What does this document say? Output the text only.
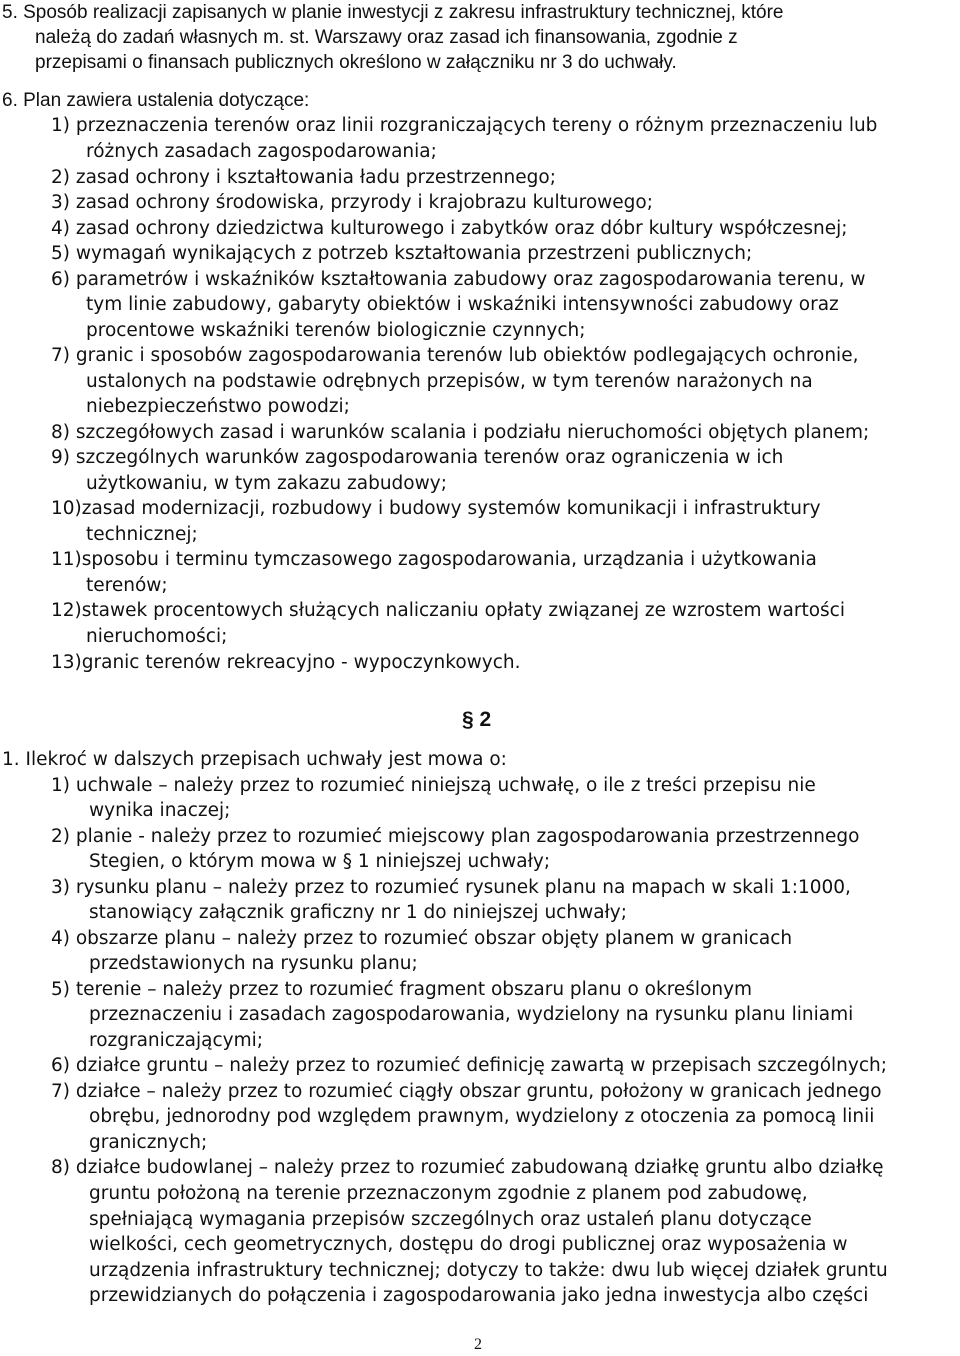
5. Sposób realizacji zapisanych w planie inwestycji z zakresu infrastruktury technicznej, które
należą do zadań własnych m. st. Warszawy oraz zasad ich finansowania, zgodnie z
przepisami o finansach publicznych określono w załączniku nr 3 do uchwały.
6. Plan zawiera ustalenia dotyczące:
1) przeznaczenia terenów oraz linii rozgraniczających tereny o różnym przeznaczeniu lub
różnych zasadach zagospodarowania;
2) zasad ochrony i kształtowania ładu przestrzennego;
3) zasad ochrony środowiska, przyrody i krajobrazu kulturowego;
4) zasad ochrony dziedzictwa kulturowego i zabytków oraz dóbr kultury współczesnej;
5) wymagań wynikających z potrzeb kształtowania przestrzeni publicznych;
6) parametrów i wskaźników kształtowania zabudowy oraz zagospodarowania terenu, w
tym linie zabudowy, gabaryty obiektów i wskaźniki intensywności zabudowy oraz
procentowe wskaźniki terenów biologicznie czynnych;
7) granic i sposobów zagospodarowania terenów lub obiektów podlegających ochronie,
ustalonych na podstawie odrębnych przepisów, w tym terenów narażonych na
niebezpieczeństwo powodzi;
8) szczegółowych zasad i warunków scalania i podziału nieruchomości objętych planem;
9) szczególnych warunków zagospodarowania terenów oraz ograniczenia w ich
użytkowaniu, w tym zakazu zabudowy;
10)zasad modernizacji, rozbudowy i budowy systemów komunikacji i infrastruktury
technicznej;
11)sposobu i terminu tymczasowego zagospodarowania, urządzania i użytkowania
terenów;
12)stawek procentowych służących naliczaniu opłaty związanej ze wzrostem wartości
nieruchomości;
13)granic terenów rekreacyjno - wypoczynkowych.
§ 2
1. Ilekroć w dalszych przepisach uchwały jest mowa o:
1) uchwale – należy przez to rozumieć niniejszą uchwałę, o ile z treści przepisu nie
wynika inaczej;
2) planie - należy przez to rozumieć miejscowy plan zagospodarowania przestrzennego
Stegien, o którym mowa w § 1 niniejszej uchwały;
3) rysunku planu – należy przez to rozumieć rysunek planu na mapach w skali 1:1000,
stanowiący załącznik graficzny nr 1 do niniejszej uchwały;
4) obszarze planu – należy przez to rozumieć obszar objęty planem w granicach
przedstawionych na rysunku planu;
5) terenie – należy przez to rozumieć fragment obszaru planu o określonym
przeznaczeniu i zasadach zagospodarowania, wydzielony na rysunku planu liniami
rozgraniczającymi;
6) działce gruntu – należy przez to rozumieć definicję zawartą w przepisach szczególnych;
7) działce – należy przez to rozumieć ciągły obszar gruntu, położony w granicach jednego
obrębu, jednorodny pod względem prawnym, wydzielony z otoczenia za pomocą linii
granicznych;
8) działce budowlanej – należy przez to rozumieć zabudowaną działkę gruntu albo działkę
gruntu położoną na terenie przeznaczonym zgodnie z planem pod zabudowę,
spełniającą wymagania przepisów szczególnych oraz ustaleń planu dotyczące
wielkości, cech geometrycznych, dostępu do drogi publicznej oraz wyposażenia w
urządzenia infrastruktury technicznej; dotyczy to także: dwu lub więcej działek gruntu
przewidzianych do połączenia i zagospodarowania jako jedna inwestycja albo części
2
